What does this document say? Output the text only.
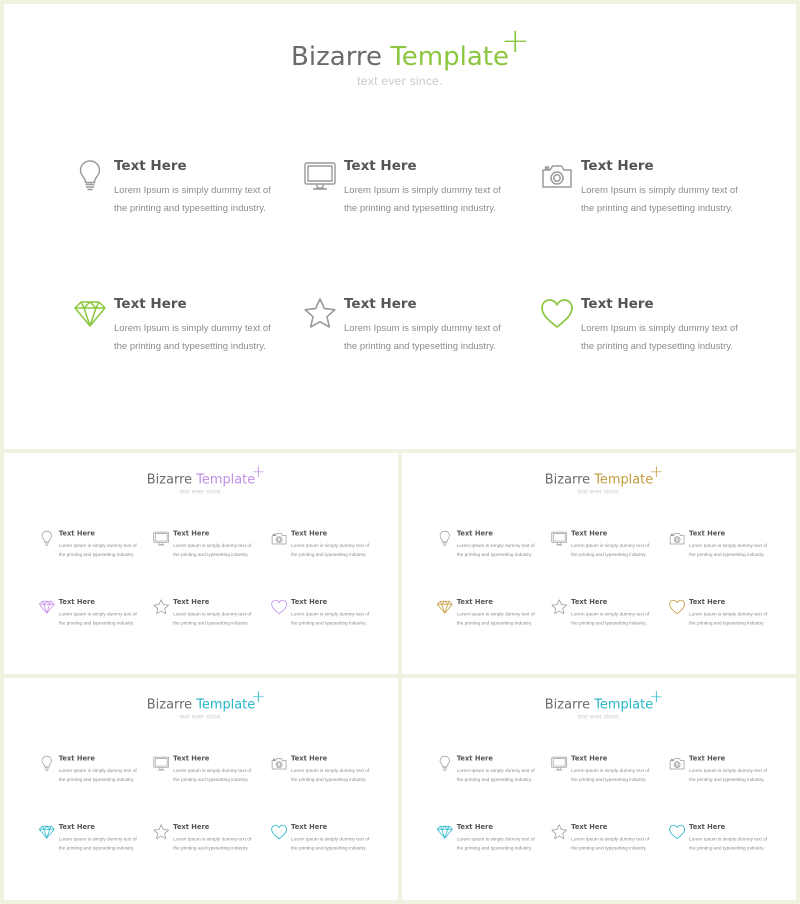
Bizarre Template
+
text ever since.
Text Here
Lorem Ipsum is simply dummy text of the printing and typesetting industry.
Text Here
Lorem Ipsum is simply dummy text of the printing and typesetting industry.
Text Here
Lorem Ipsum is simply dummy text of the printing and typesetting industry.
Text Here
Lorem Ipsum is simply dummy text of the printing and typesetting industry.
Text Here
Lorem Ipsum is simply dummy text of the printing and typesetting industry.
Text Here
Lorem Ipsum is simply dummy text of the printing and typesetting industry.
Bizarre Template
+
text ever since.
Text Here
Lorem Ipsum is simply dummy text of the printing and typesetting industry.
Text Here
Lorem Ipsum is simply dummy text of the printing and typesetting industry.
Text Here
Lorem Ipsum is simply dummy text of the printing and typesetting industry.
Text Here
Lorem Ipsum is simply dummy text of the printing and typesetting industry.
Text Here
Lorem Ipsum is simply dummy text of the printing and typesetting industry.
Text Here
Lorem Ipsum is simply dummy text of the printing and typesetting industry.
Bizarre Template
+
text ever since.
Text Here
Lorem Ipsum is simply dummy text of the printing and typesetting industry.
Text Here
Lorem Ipsum is simply dummy text of the printing and typesetting industry.
Text Here
Lorem Ipsum is simply dummy text of the printing and typesetting industry.
Text Here
Lorem Ipsum is simply dummy text of the printing and typesetting industry.
Text Here
Lorem Ipsum is simply dummy text of the printing and typesetting industry.
Text Here
Lorem Ipsum is simply dummy text of the printing and typesetting industry.
Bizarre Template
+
text ever since.
Text Here
Lorem Ipsum is simply dummy text of the printing and typesetting industry.
Text Here
Lorem Ipsum is simply dummy text of the printing and typesetting industry.
Text Here
Lorem Ipsum is simply dummy text of the printing and typesetting industry.
Text Here
Lorem Ipsum is simply dummy text of the printing and typesetting industry.
Text Here
Lorem Ipsum is simply dummy text of the printing and typesetting industry.
Text Here
Lorem Ipsum is simply dummy text of the printing and typesetting industry.
Bizarre Template
+
text ever since.
Text Here
Lorem Ipsum is simply dummy text of the printing and typesetting industry.
Text Here
Lorem Ipsum is simply dummy text of the printing and typesetting industry.
Text Here
Lorem Ipsum is simply dummy text of the printing and typesetting industry.
Text Here
Lorem Ipsum is simply dummy text of the printing and typesetting industry.
Text Here
Lorem Ipsum is simply dummy text of the printing and typesetting industry.
Text Here
Lorem Ipsum is simply dummy text of the printing and typesetting industry.
